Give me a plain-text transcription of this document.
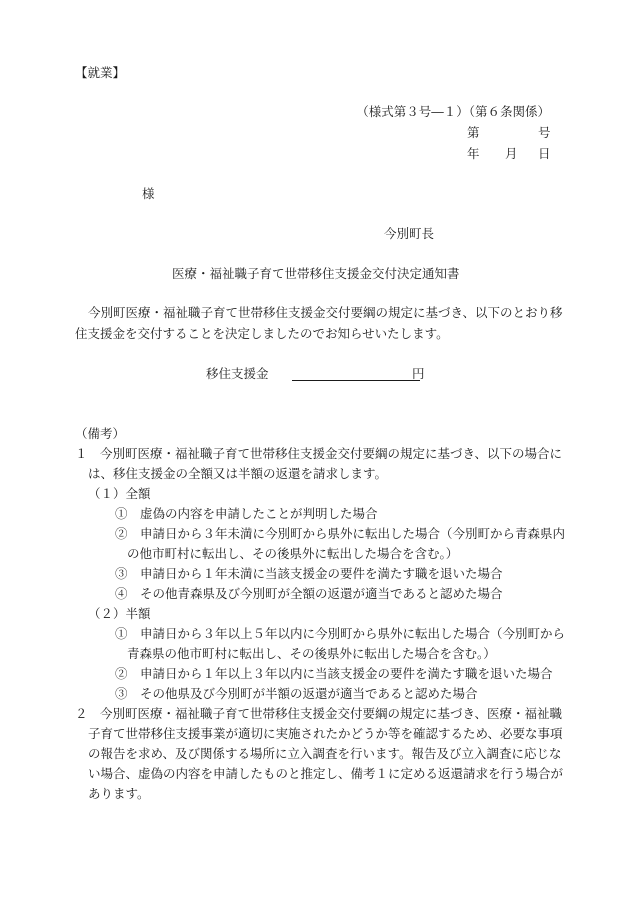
【就業】
（様式第３号―１）（第６条関係）
第	号
年 月 日
様
今別町長
医療・福祉職子育て世帯移住支援金交付決定通知書
今別町医療・福祉職子育て世帯移住支援金交付要綱の規定に基づき、以下のとおり移
住支援金を交付することを決定しましたのでお知らせいたします。
移住支援金	円
（備考）
１　今別町医療・福祉職子育て世帯移住支援金交付要綱の規定に基づき、以下の場合に
は、移住支援金の全額又は半額の返還を請求します。
（１）全額
①　虚偽の内容を申請したことが判明した場合
②　申請日から３年未満に今別町から県外に転出した場合（今別町から青森県内
の他市町村に転出し、その後県外に転出した場合を含む。）
③　申請日から１年未満に当該支援金の要件を満たす職を退いた場合
④　その他青森県及び今別町が全額の返還が適当であると認めた場合
（２）半額
①　申請日から３年以上５年以内に今別町から県外に転出した場合（今別町から
青森県の他市町村に転出し、その後県外に転出した場合を含む。）
②　申請日から１年以上３年以内に当該支援金の要件を満たす職を退いた場合
③　その他県及び今別町が半額の返還が適当であると認めた場合
２　今別町医療・福祉職子育て世帯移住支援金交付要綱の規定に基づき、医療・福祉職
子育て世帯移住支援事業が適切に実施されたかどうか等を確認するため、必要な事項
の報告を求め、及び関係する場所に立入調査を行います。報告及び立入調査に応じな
い場合、虚偽の内容を申請したものと推定し、備考１に定める返還請求を行う場合が
あります。
